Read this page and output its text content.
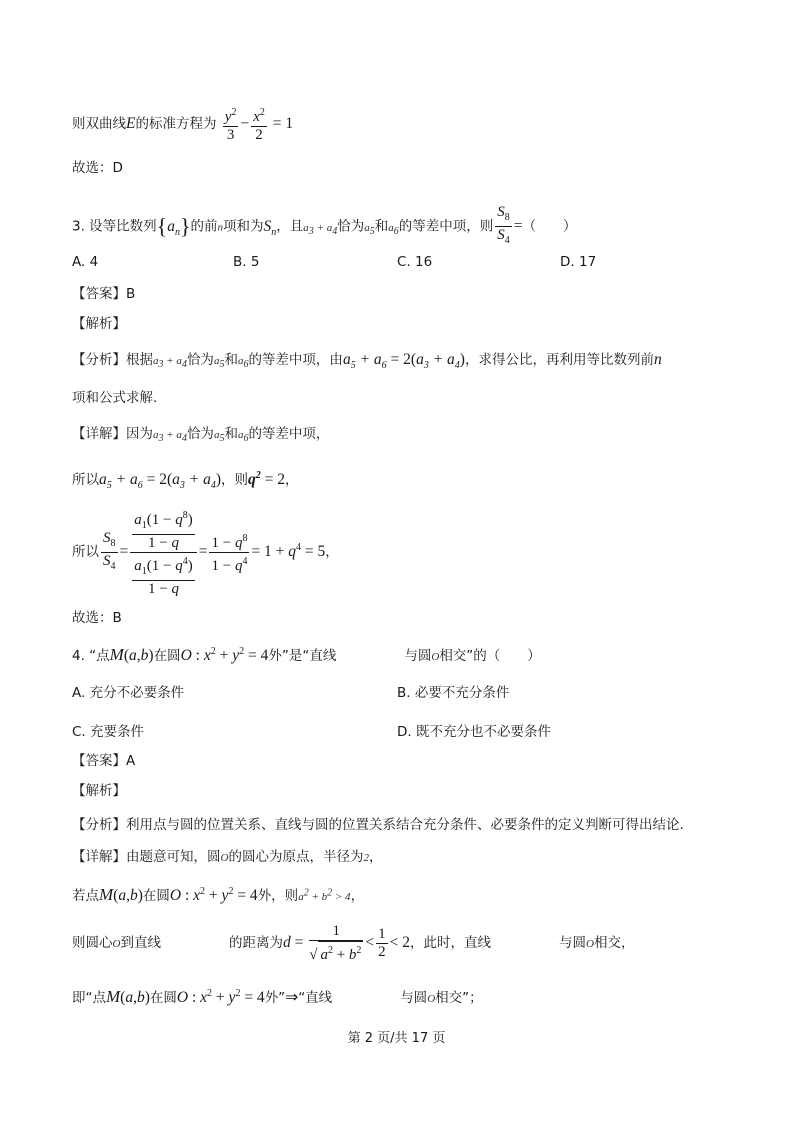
则双曲线E的标准方程为 $\frac{y^2}{3} - \frac{x^2}{2} = 1$
故选：D
3. 设等比数列$\{a_n\}$的前n项和为$S_n$，且$a_3 + a_4$恰为$a_5$和$a_6$的等差中项，则 $\frac{S_8}{S_4}$ =（　　）
A. 4	B. 5	C. 16	D. 17
【答案】B
【解析】
【分析】根据$a_3 + a_4$恰为$a_5$和$a_6$的等差中项，由$a_5 + a_6 = 2(a_3 + a_4)$，求得公比，再利用等比数列前n
项和公式求解.
【详解】因为$a_3 + a_4$恰为$a_5$和$a_6$的等差中项，
所以$a_5 + a_6 = 2(a_3 + a_4)$，则$q^2 = 2$，
所以 $\frac{S_8}{S_4} = \frac{\frac{a_1(1 - q^8)}{1 - q}}{\frac{a_1(1 - q^4)}{1 - q}} = \frac{1 - q^8}{1 - q^4} = 1 + q^4 = 5$，
故选：B
4. “点M(a,b)在圆O : $x^2 + y^2 = 4$外”是“直线	与圆O相交”的（　　）
A. 充分不必要条件	B. 必要不充分条件
C. 充要条件	D. 既不充分也不必要条件
【答案】A
【解析】
【分析】利用点与圆的位置关系、直线与圆的位置关系结合充分条件、必要条件的定义判断可得出结论.
【详解】由题意可知，圆O的圆心为原点，半径为2，
若点M(a,b)在圆O : $x^2 + y^2 = 4$外，则$a^2 + b^2 > 4$，
则圆心O到直线	的距离为$d = \frac{1}{√ a^2 + b^2} < \frac{1}{2} < 2$，此时，直线	与圆O相交，
即“点M(a,b)在圆O : $x^2 + y^2 = 4$外”⇒“直线	与圆O相交”；
第 2 页/共 17 页
